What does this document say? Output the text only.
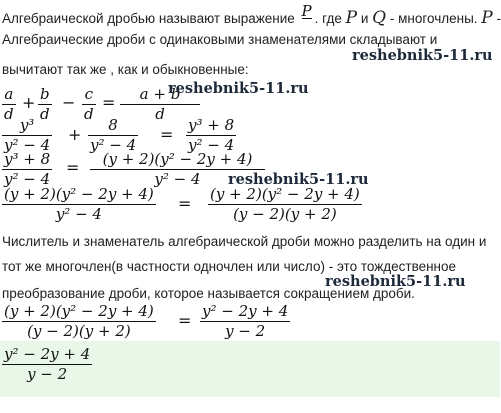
Алгебраической дробью называют выражение P . где P и Q - многочлены. P -
Алгебраические дроби с одинаковыми знаменателями складывают и
reshebnik5-11.ru
вычитают так же , как и обыкновенные:
a
d
+ b
d
− c
d
= a + b
d
reshebnik5-11.ru
y³
y² − 4
+ 8
y² − 4
= y³ + 8
y² − 4
y³ + 8
y² − 4
= (y + 2)(y² − 2y + 4)
y² − 4 reshebnik5-11.ru
(y + 2)(y² − 2y + 4)
y² − 4
= (y + 2)(y² − 2y + 4)
(y − 2)(y + 2)
Числитель и знаменатель алгебраической дроби можно разделить на один и
тот же многочлен(в частности одночлен или число) - это тождественное
reshebnik5-11.ru
преобразование дроби, которое называется сокращением дроби.
(y + 2)(y² − 2y + 4)
(y − 2)(y + 2)
= y² − 2y + 4
y − 2
y² − 2y + 4
y − 2
